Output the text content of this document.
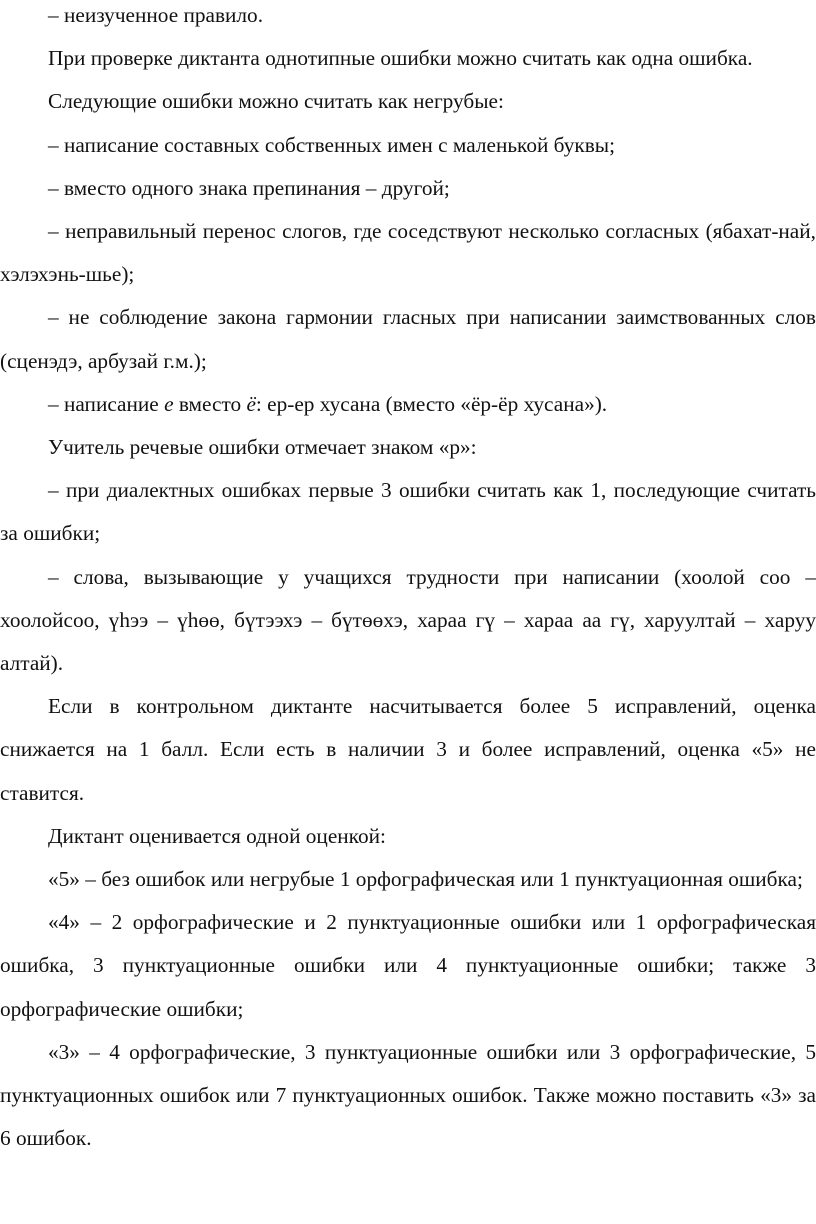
– неизученное правило.

При проверке диктанта однотипные ошибки можно считать как одна ошибка.

Следующие ошибки можно считать как негрубые:

– написание составных собственных имен с маленькой буквы;

– вместо одного знака препинания – другой;

– неправильный перенос слогов, где соседствуют несколько согласных (ябахат-най, хэлэхэнь-шье);

– не соблюдение закона гармонии гласных при написании заимствованных слов (сценэдэ, арбузай г.м.);

– написание е вместо ё: ер-ер хусана (вместо «ёр-ёр хусана»).

Учитель речевые ошибки отмечает знаком «р»:

– при диалектных ошибках первые 3 ошибки считать как 1, последующие считать за ошибки;

– слова, вызывающие у учащихся трудности при написании (хоолой соо – хоолойсоо, үһээ – үһөө, бүтээхэ – бүтөөхэ, хараа гү – хараа аа гү, харуултай – харуу алтай).

Если в контрольном диктанте насчитывается более 5 исправлений, оценка снижается на 1 балл. Если есть в наличии 3 и более исправлений, оценка «5» не ставится.

Диктант оценивается одной оценкой:

«5» – без ошибок или негрубые 1 орфографическая или 1 пунктуационная ошибка;

«4» – 2 орфографические и 2 пунктуационные ошибки или 1 орфографическая ошибка, 3 пунктуационные ошибки или 4 пунктуационные ошибки; также 3 орфографические ошибки;

«3» – 4 орфографические, 3 пунктуационные ошибки или 3 орфографические, 5 пунктуационных ошибок или 7 пунктуационных ошибок. Также можно поставить «3» за 6 ошибок.
